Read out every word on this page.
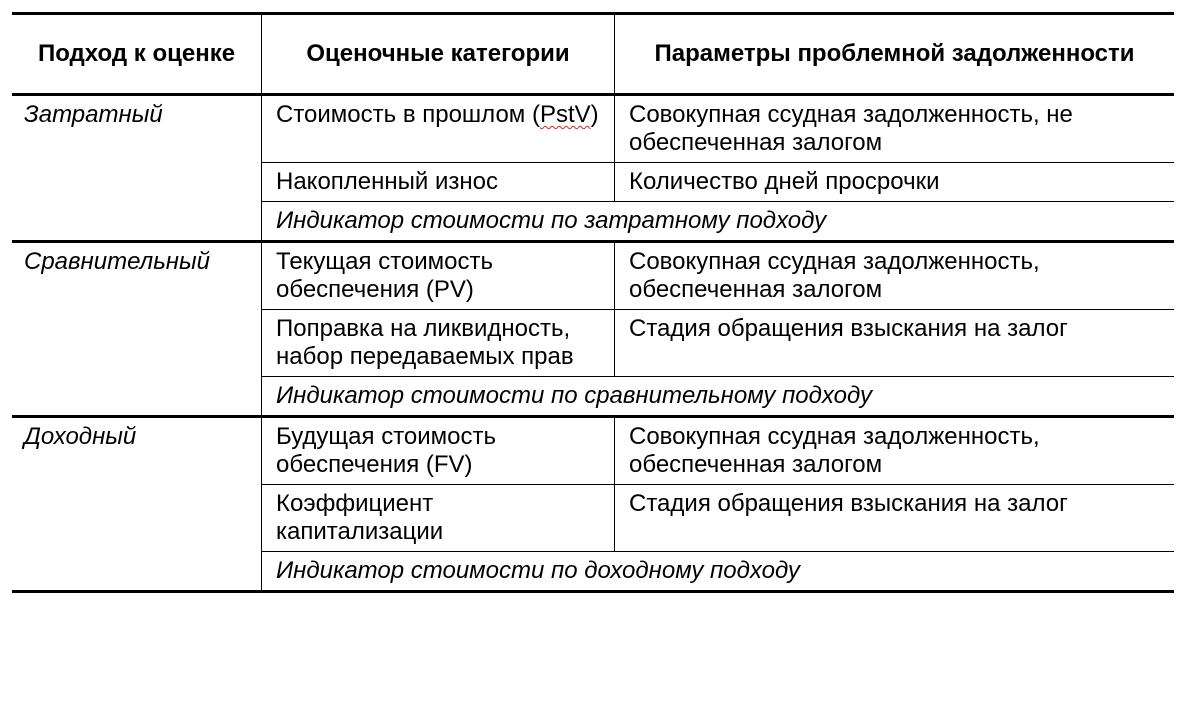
Подход к оценке	Оценочные категории	Параметры проблемной задолженности
Затратный	Стоимость в прошлом (PstV)	Совокупная ссудная задолженность, не обеспеченная залогом
	Накопленный износ	Количество дней просрочки
	Индикатор стоимости по затратному подходу	
Сравнительный	Текущая стоимость обеспечения (PV)	Совокупная ссудная задолженность, обеспеченная залогом
	Поправка на ликвидность, набор передаваемых прав	Стадия обращения взыскания на залог
	Индикатор стоимости по сравнительному подходу	
Доходный	Будущая стоимость обеспечения (FV)	Совокупная ссудная задолженность, обеспеченная залогом
	Коэффициент капитализации	Стадия обращения взыскания на залог
	Индикатор стоимости по доходному подходу	
